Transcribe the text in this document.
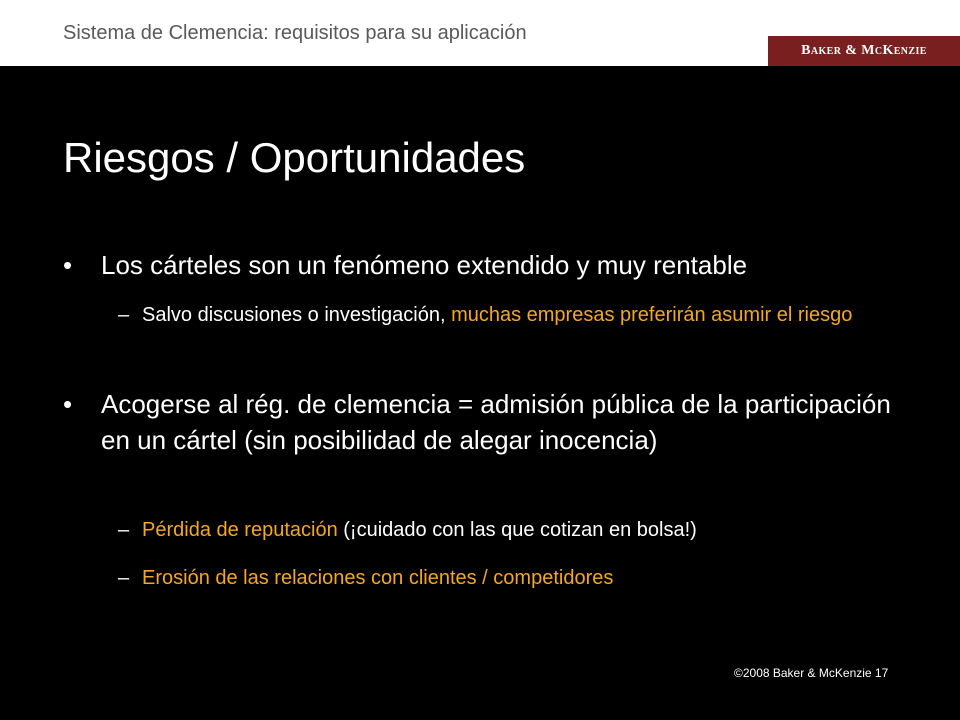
Sistema de Clemencia: requisitos para su aplicación
Baker & McKenzie
Riesgos / Oportunidades
• Los cárteles son un fenómeno extendido y muy rentable
– Salvo discusiones o investigación, muchas empresas preferirán asumir el riesgo
• Acogerse al rég. de clemencia = admisión pública de la participación en un cártel (sin posibilidad de alegar inocencia)
– Pérdida de reputación (¡cuidado con las que cotizan en bolsa!)
– Erosión de las relaciones con clientes / competidores
©2008 Baker & McKenzie 17
